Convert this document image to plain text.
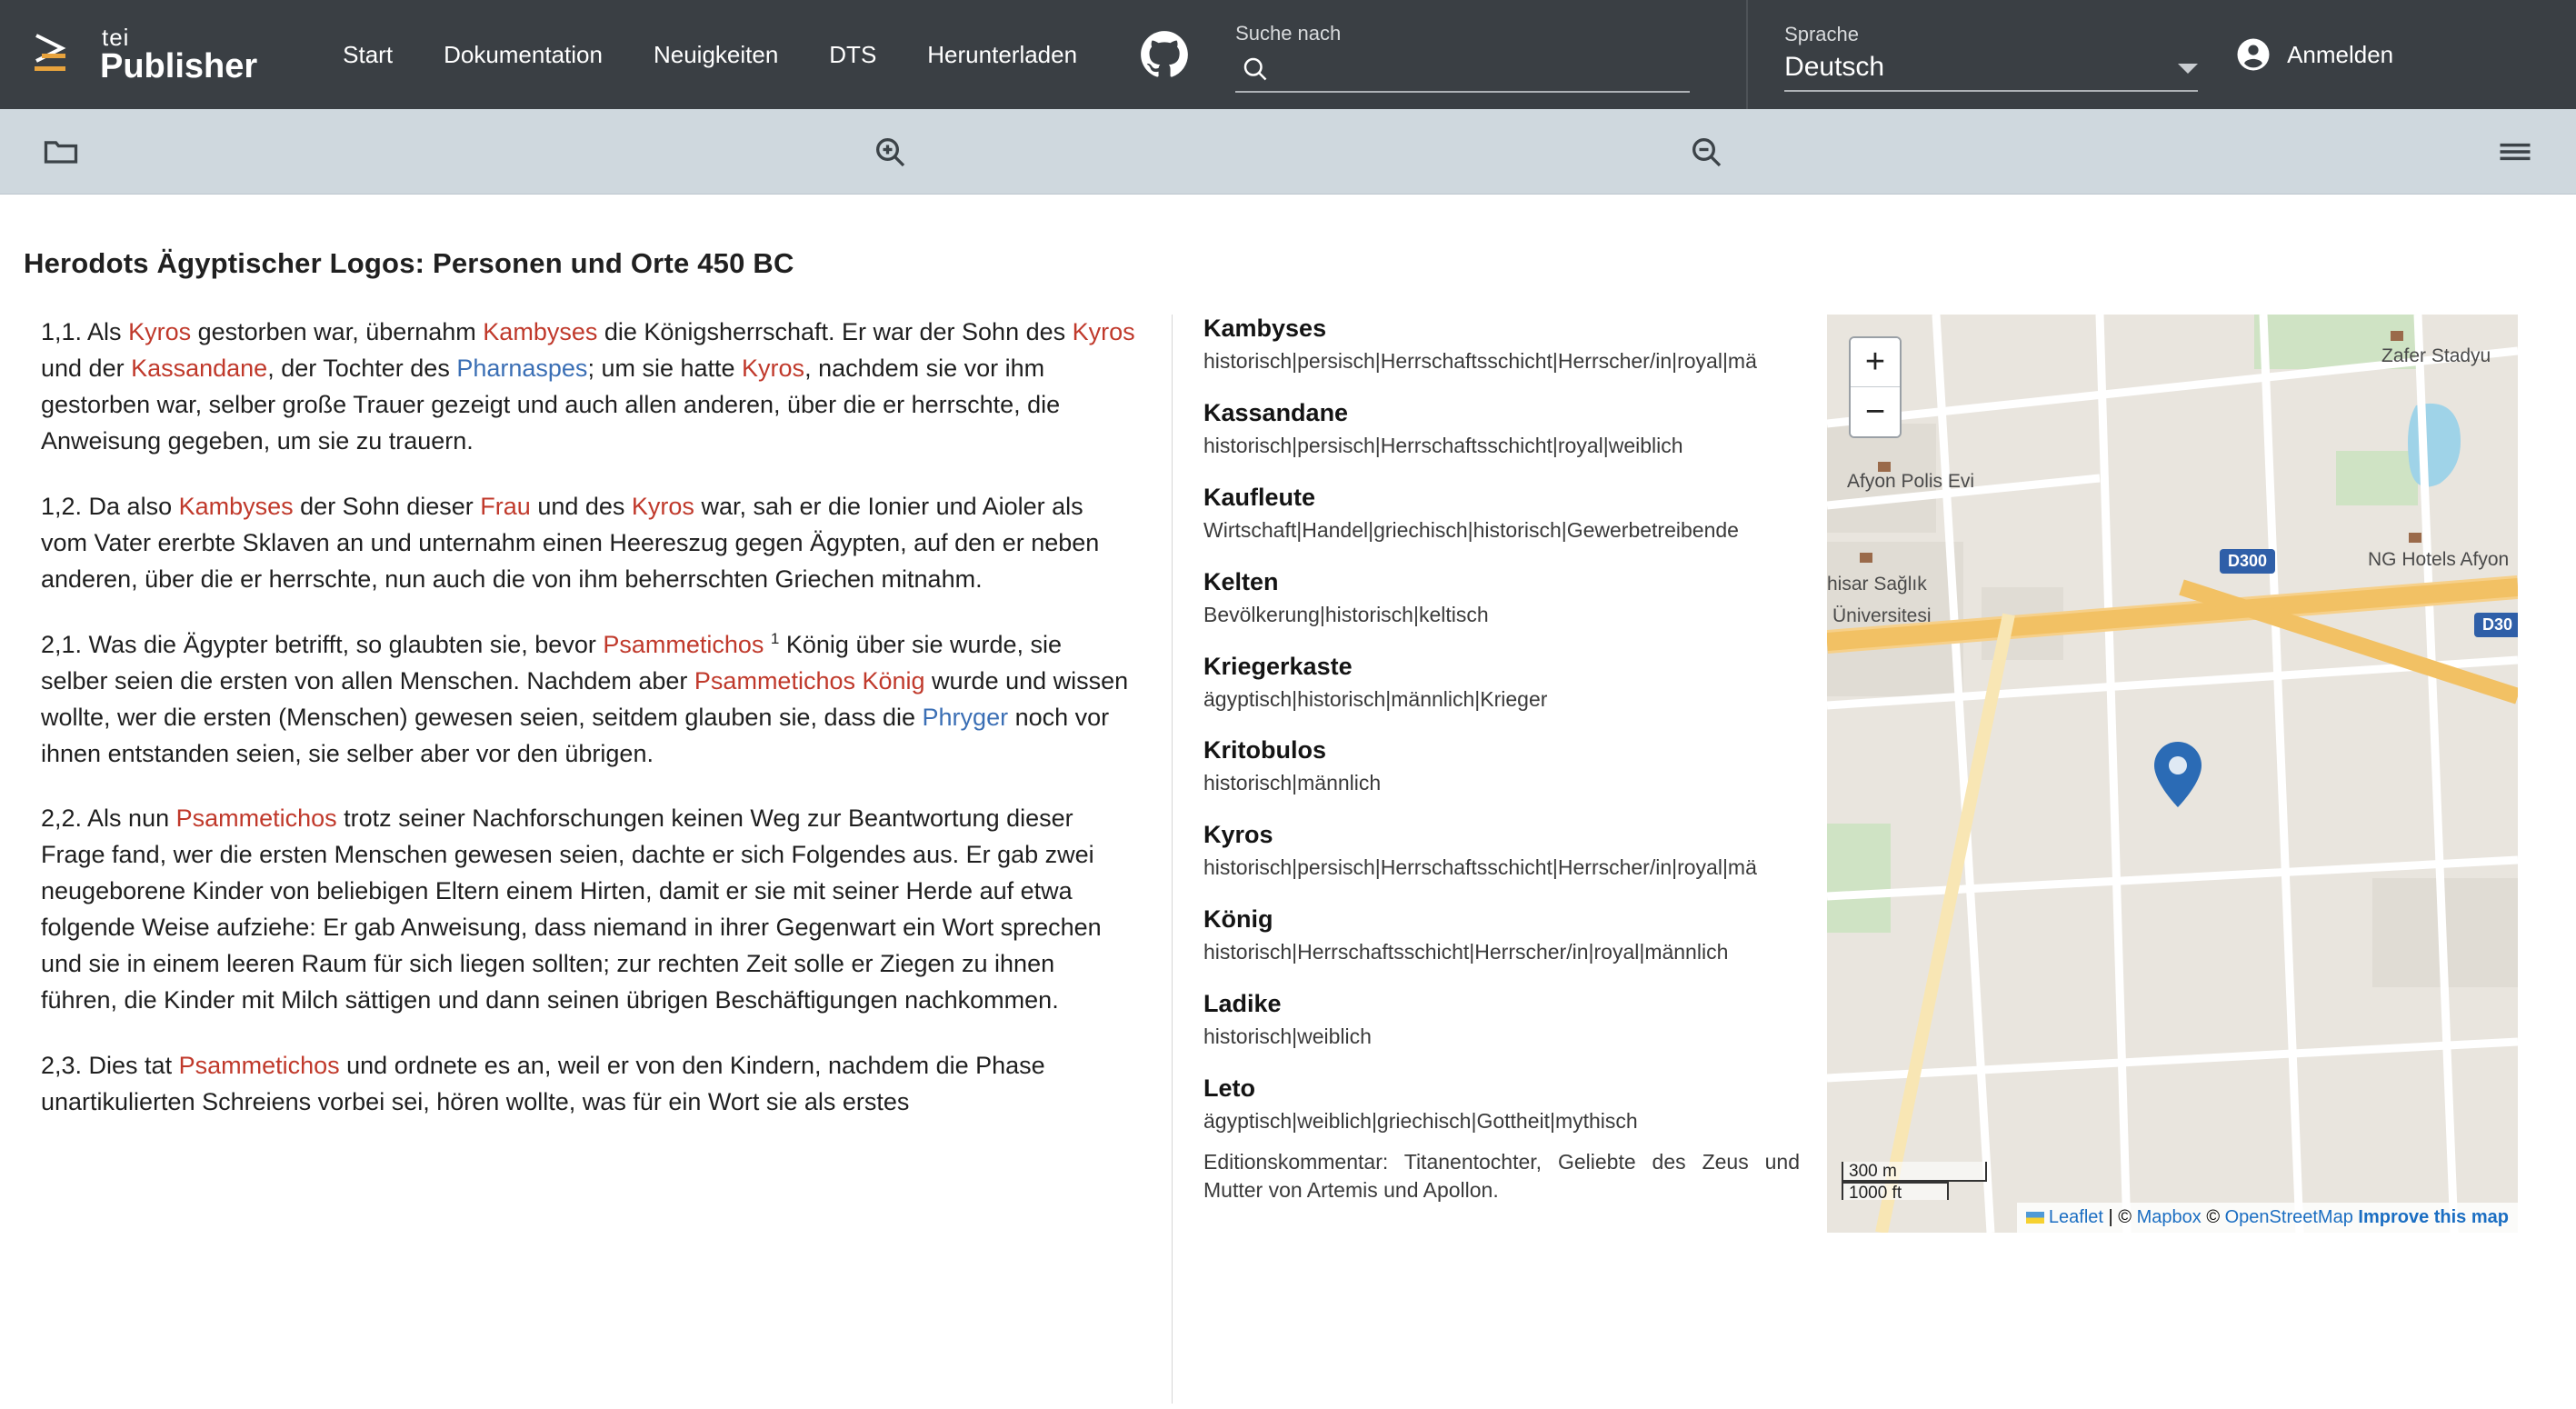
tei
Publisher	Start	Dokumentation	Neuigkeiten	DTS	Herunterladen
Suche nach	Sprache
Deutsch	Anmelden
Herodots Ägyptischer Logos: Personen und Orte 450 BC

1,1. Als Kyros gestorben war, übernahm Kambyses die Königsherrschaft. Er war der Sohn des Kyros und der Kassandane, der Tochter des Pharnaspes; um sie hatte Kyros, nachdem sie vor ihm gestorben war, selber große Trauer gezeigt und auch allen anderen, über die er herrschte, die Anweisung gegeben, um sie zu trauern.

1,2. Da also Kambyses der Sohn dieser Frau und des Kyros war, sah er die Ionier und Aioler als vom Vater ererbte Sklaven an und unternahm einen Heereszug gegen Ägypten, auf den er neben anderen, über die er herrschte, nun auch die von ihm beherrschten Griechen mitnahm.

2,1. Was die Ägypter betrifft, so glaubten sie, bevor Psammetichos $^1$ König über sie wurde, sie selber seien die ersten von allen Menschen. Nachdem aber Psammetichos König wurde und wissen wollte, wer die ersten (Menschen) gewesen seien, seitdem glauben sie, dass die Phryger noch vor ihnen entstanden seien, sie selber aber vor den übrigen.

2,2. Als nun Psammetichos trotz seiner Nachforschungen keinen Weg zur Beantwortung dieser Frage fand, wer die ersten Menschen gewesen seien, dachte er sich Folgendes aus. Er gab zwei neugeborene Kinder von beliebigen Eltern einem Hirten, damit er sie mit seiner Herde auf etwa folgende Weise aufziehe: Er gab Anweisung, dass niemand in ihrer Gegenwart ein Wort sprechen und sie in einem leeren Raum für sich liegen sollten; zur rechten Zeit solle er Ziegen zu ihnen führen, die Kinder mit Milch sättigen und dann seinen übrigen Beschäftigungen nachkommen.

2,3. Dies tat Psammetichos und ordnete es an, weil er von den Kindern, nachdem die Phase unartikulierten Schreiens vorbei sei, hören wollte, was für ein Wort sie als erstes

Kambyses
historisch|persisch|Herrschaftsschicht|Herrscher/in|royal|mä
Kassandane
historisch|persisch|Herrschaftsschicht|royal|weiblich
Kaufleute
Wirtschaft|Handel|griechisch|historisch|Gewerbetreibende
Kelten
Bevölkerung|historisch|keltisch
Kriegerkaste
ägyptisch|historisch|männlich|Krieger
Kritobulos
historisch|männlich
Kyros
historisch|persisch|Herrschaftsschicht|Herrscher/in|royal|mä
König
historisch|Herrschaftsschicht|Herrscher/in|royal|männlich
Ladike
historisch|weiblich
Leto
ägyptisch|weiblich|griechisch|Gottheit|mythisch
Editionskommentar: Titanentochter, Geliebte des Zeus und Mutter von Artemis und Apollon.
+
−
Zafer Stadyu
Afyon Polis Evi
NG Hotels Afyon
hisar Sağlık
Üniversitesi
D300
D30
300 m
1000 ft
Leaflet | © Mapbox © OpenStreetMap Improve this map
